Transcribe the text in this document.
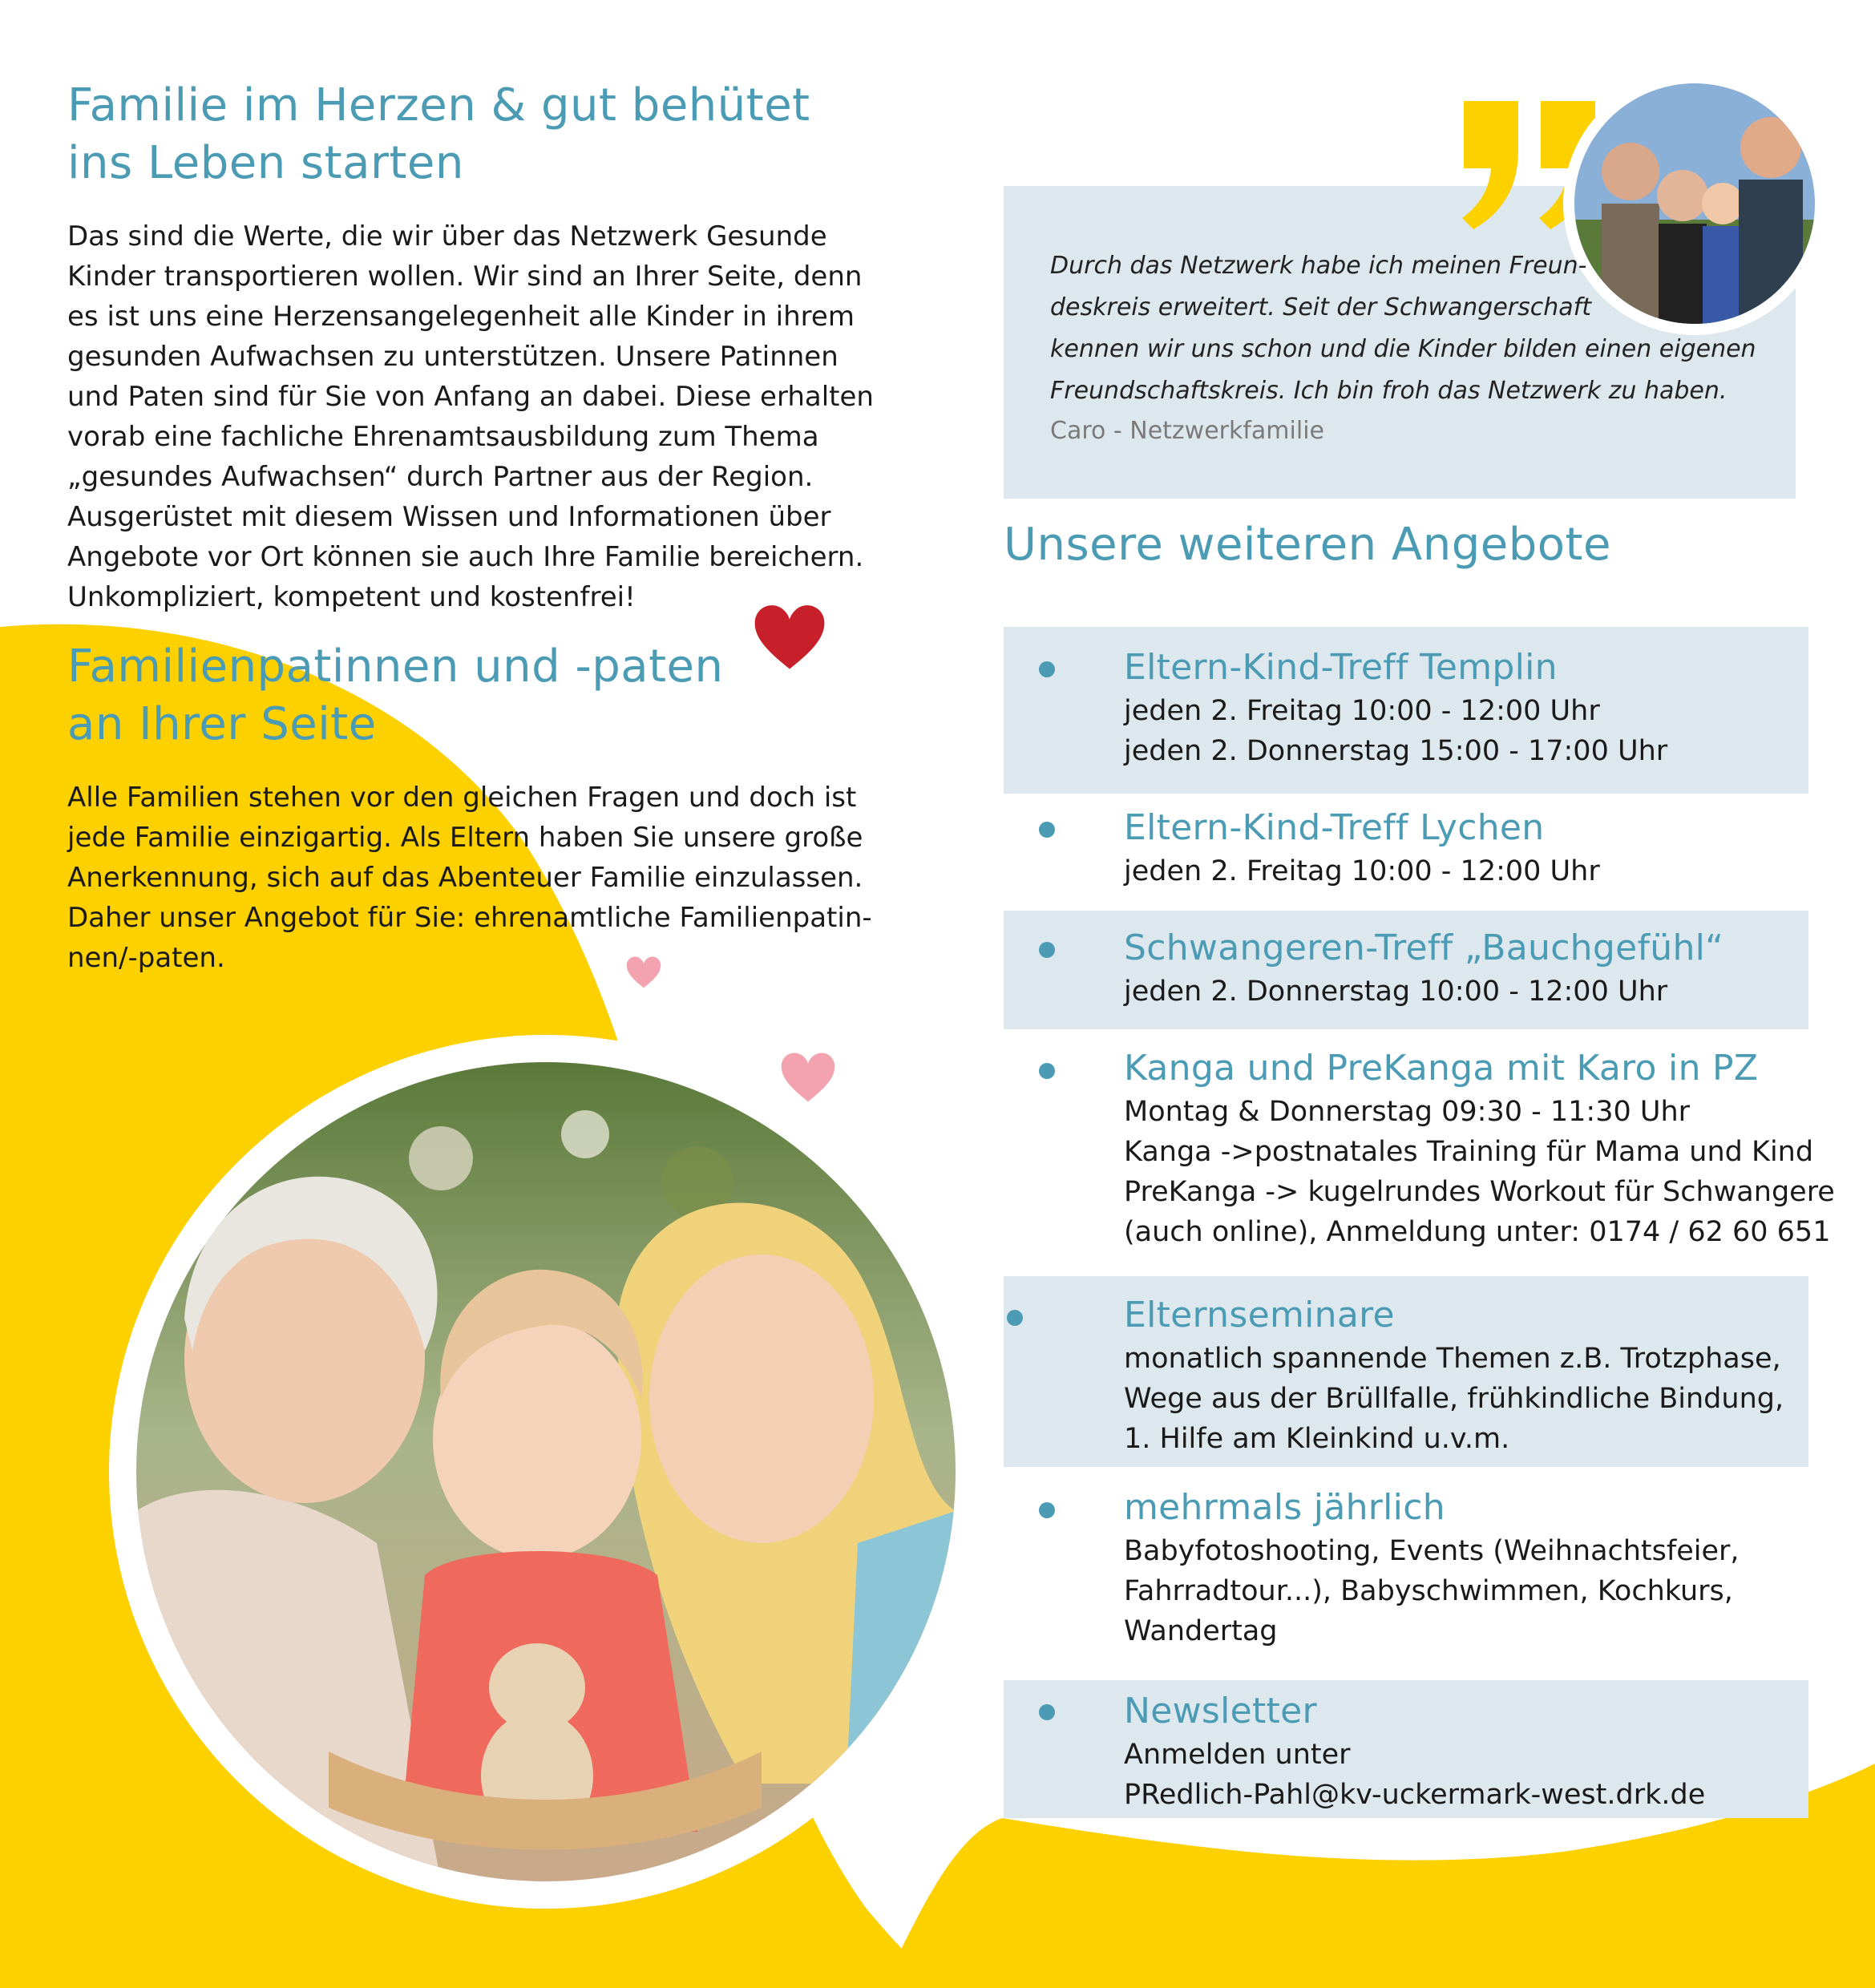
Familie im Herzen & gut behütet
ins Leben starten

Das sind die Werte, die wir über das Netzwerk Gesunde
Kinder transportieren wollen. Wir sind an Ihrer Seite, denn
es ist uns eine Herzensangelegenheit alle Kinder in ihrem
gesunden Aufwachsen zu unterstützen. Unsere Patinnen
und Paten sind für Sie von Anfang an dabei. Diese erhalten
vorab eine fachliche Ehrenamtsausbildung zum Thema
„gesundes Aufwachsen“ durch Partner aus der Region.
Ausgerüstet mit diesem Wissen und Informationen über
Angebote vor Ort können sie auch Ihre Familie bereichern.
Unkompliziert, kompetent und kostenfrei!

Familienpatinnen und -paten
an Ihrer Seite

Alle Familien stehen vor den gleichen Fragen und doch ist
jede Familie einzigartig. Als Eltern haben Sie unsere große
Anerkennung, sich auf das Abenteuer Familie einzulassen.
Daher unser Angebot für Sie: ehrenamtliche Familienpatin-
nen/-paten.

Durch das Netzwerk habe ich meinen Freun-
deskreis erweitert. Seit der Schwangerschaft
kennen wir uns schon und die Kinder bilden einen eigenen
Freundschaftskreis. Ich bin froh das Netzwerk zu haben.
Caro - Netzwerkfamilie
Unsere weiteren Angebote
Eltern-Kind-Treff Templin
jeden 2. Freitag 10:00 - 12:00 Uhr
jeden 2. Donnerstag 15:00 - 17:00 Uhr
Eltern-Kind-Treff Lychen
jeden 2. Freitag 10:00 - 12:00 Uhr
Schwangeren-Treff „Bauchgefühl“
jeden 2. Donnerstag 10:00 - 12:00 Uhr
Kanga und PreKanga mit Karo in PZ
Montag & Donnerstag 09:30 - 11:30 Uhr
Kanga ->postnatales Training für Mama und Kind
PreKanga -> kugelrundes Workout für Schwangere
(auch online), Anmeldung unter: 0174 / 62 60 651
Elternseminare
monatlich spannende Themen z.B. Trotzphase,
Wege aus der Brüllfalle, frühkindliche Bindung,
1. Hilfe am Kleinkind u.v.m.
mehrmals jährlich
Babyfotoshooting, Events (Weihnachtsfeier,
Fahrradtour...), Babyschwimmen, Kochkurs,
Wandertag
Newsletter
Anmelden unter
PRedlich-Pahl@kv-uckermark-west.drk.de
